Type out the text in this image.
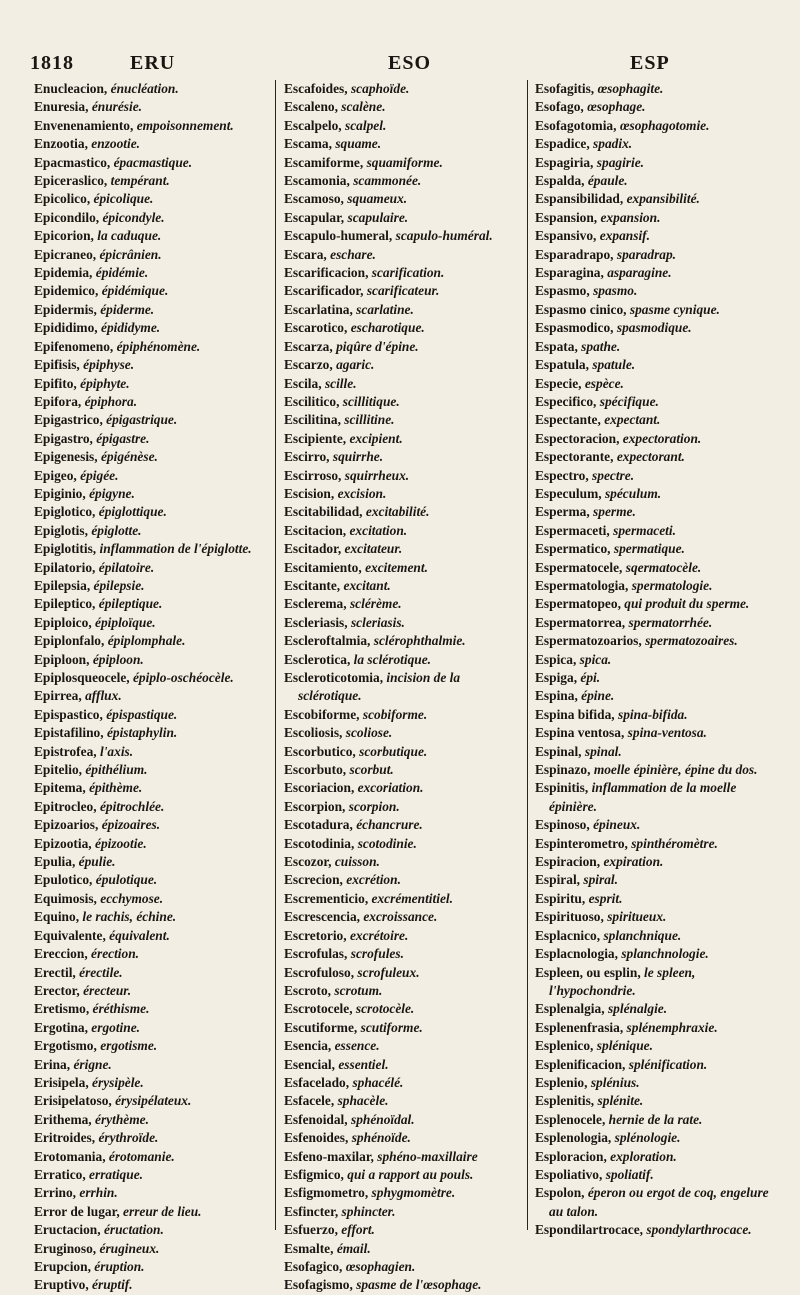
1818	ERU	ESO	ESP
Enucleacion, énucléation.
Enuresia, énurésie.
Envenenamiento, empoisonnement.
Enzootia, enzootie.
Epacmastico, épacmastique.
Epiceraslico, tempérant.
Epicolico, épicolique.
Epicondilo, épicondyle.
Epicorion, la caduque.
Epicraneo, épicrânien.
Epidemia, épidémie.
Epidemico, épidémique.
Epidermis, épiderme.
Epididimo, épididyme.
Epifenomeno, épiphénomène.
Epifisis, épiphyse.
Epifito, épiphyte.
Epifora, épiphora.
Epigastrico, épigastrique.
Epigastro, épigastre.
Epigenesis, épigénèse.
Epigeo, épigée.
Epiginio, épigyne.
Epiglotico, épiglottique.
Epiglotis, épiglotte.
Epiglotitis, inflammation de l'épiglotte.
Epilatorio, épilatoire.
Epilepsia, épilepsie.
Epileptico, épileptique.
Epiploico, épiploïque.
Epiplonfalo, épiplomphale.
Epiploon, épiploon.
Epiplosqueocele, épiplo-oschéocèle.
Epirrea, afflux.
Epispastico, épispastique.
Epistafilino, épistaphylin.
Epistrofea, l'axis.
Epitelio, épithélium.
Epitema, épithème.
Epitrocleo, épitrochlée.
Epizoarios, épizoaires.
Epizootia, épizootie.
Epulia, épulie.
Epulotico, épulotique.
Equimosis, ecchymose.
Equino, le rachis, échine.
Equivalente, équivalent.
Ereccion, érection.
Erectil, érectile.
Erector, érecteur.
Eretismo, éréthisme.
Ergotina, ergotine.
Ergotismo, ergotisme.
Erina, érigne.
Erisipela, érysipèle.
Erisipelatoso, érysipélateux.
Erithema, érythème.
Eritroides, érythroïde.
Erotomania, érotomanie.
Erratico, erratique.
Errino, errhin.
Error de lugar, erreur de lieu.
Eructacion, éructation.
Eruginoso, érugineux.
Erupcion, éruption.
Eruptivo, éruptif.
Escafoides, scaphoïde.
Escaleno, scalène.
Escalpelo, scalpel.
Escama, squame.
Escamiforme, squamiforme.
Escamonia, scammonée.
Escamoso, squameux.
Escapular, scapulaire.
Escapulo-humeral, scapulo-huméral.
Escara, eschare.
Escarificacion, scarification.
Escarificador, scarificateur.
Escarlatina, scarlatine.
Escarotico, escharotique.
Escarza, piqûre d'épine.
Escarzo, agaric.
Escila, scille.
Esciliticо, scillitique.
Escilitina, scillitine.
Escipiente, excipient.
Escirro, squirrhe.
Escirroso, squirrheux.
Escision, excision.
Escitabilidad, excitabilité.
Escitacion, excitation.
Escitador, excitateur.
Escitamiento, excitement.
Escitante, excitant.
Esclerema, sclérème.
Escleriasis, scleriasis.
Escleroftalmia, sclérophthalmie.
Esclerotica, la sclérotique.
Escleroticotomia, incision de la sclérotique.
Escobiforme, scobiforme.
Escoliosis, scoliose.
Escorbutico, scorbutique.
Escorbuto, scorbut.
Escoriacion, excoriation.
Escorpion, scorpion.
Escotadura, échancrure.
Escotodinia, scotodinie.
Escozor, cuisson.
Escrecion, excrétion.
Escrementicio, excrémentitiel.
Escrescencia, excroissance.
Escretorio, excrétoire.
Escrofulas, scrofules.
Escrofuloso, scrofuleux.
Escroto, scrotum.
Escrotocele, scrotocèle.
Escutiforme, scutiforme.
Esencia, essence.
Esencial, essentiel.
Esfacelado, sphacélé.
Esfacele, sphacèle.
Esfenoidal, sphénoïdal.
Esfenoides, sphénoïde.
Esfeno-maxilar, sphéno-maxillaire
Esfigmico, qui a rapport au pouls.
Esfigmometro, sphygmomètre.
Esfincter, sphincter.
Esfuerzo, effort.
Esmalte, émail.
Esofagico, œsophagien.
Esofagismo, spasme de l'œsophage.
Esofagitis, œsophagite.
Esofago, œsophage.
Esofagotomia, œsophagotomie.
Espadice, spadix.
Espagiria, spagirie.
Espalda, épaule.
Espansibilidad, expansibilité.
Espansion, expansion.
Espansivo, expansif.
Esparadrapo, sparadrap.
Esparagina, asparagine.
Espasmo, spasmo.
Espasmo cinico, spasme cynique.
Espasmodico, spasmodique.
Espata, spathe.
Espatula, spatule.
Especie, espèce.
Especifico, spécifique.
Espectante, expectant.
Espectoracion, expectoration.
Espectorante, expectorant.
Espectro, spectre.
Especulum, spéculum.
Esperma, sperme.
Espermaceti, spermaceti.
Espermatico, spermatique.
Espermatocele, sqermatocèle.
Espermatologia, spermatologie.
Espermatopeo, qui produit du sperme.
Espermatorrea, spermatorrhée.
Espermatozoarios, spermatozoaires.
Espica, spica.
Espiga, épi.
Espina, épine.
Espina bifida, spina-bifida.
Espina ventosa, spina-ventosa.
Espinal, spinal.
Espinazo, moelle épinière, épine du dos.
Espinitis, inflammation de la moelle épinière.
Espinoso, épineux.
Espinterometro, spinthéromètre.
Espiracion, expiration.
Espiral, spiral.
Espiritu, esprit.
Espirituoso, spiritueux.
Esplacnico, splanchnique.
Esplacnologia, splanchnologie.
Espleen, ou esplin, le spleen, l'hypochondrie.
Esplenalgia, splénalgie.
Esplenenfrasia, splénemphraxie.
Esplenico, splénique.
Esplenificacion, splénification.
Esplenio, splénius.
Esplenitis, splénite.
Esplenocele, hernie de la rate.
Esplenologia, splénologie.
Esploracion, exploration.
Espoliativo, spoliatif.
Espolon, éperon ou ergot de coq, engelure au talon.
Espondilartrocace, spondylarthrocace.
